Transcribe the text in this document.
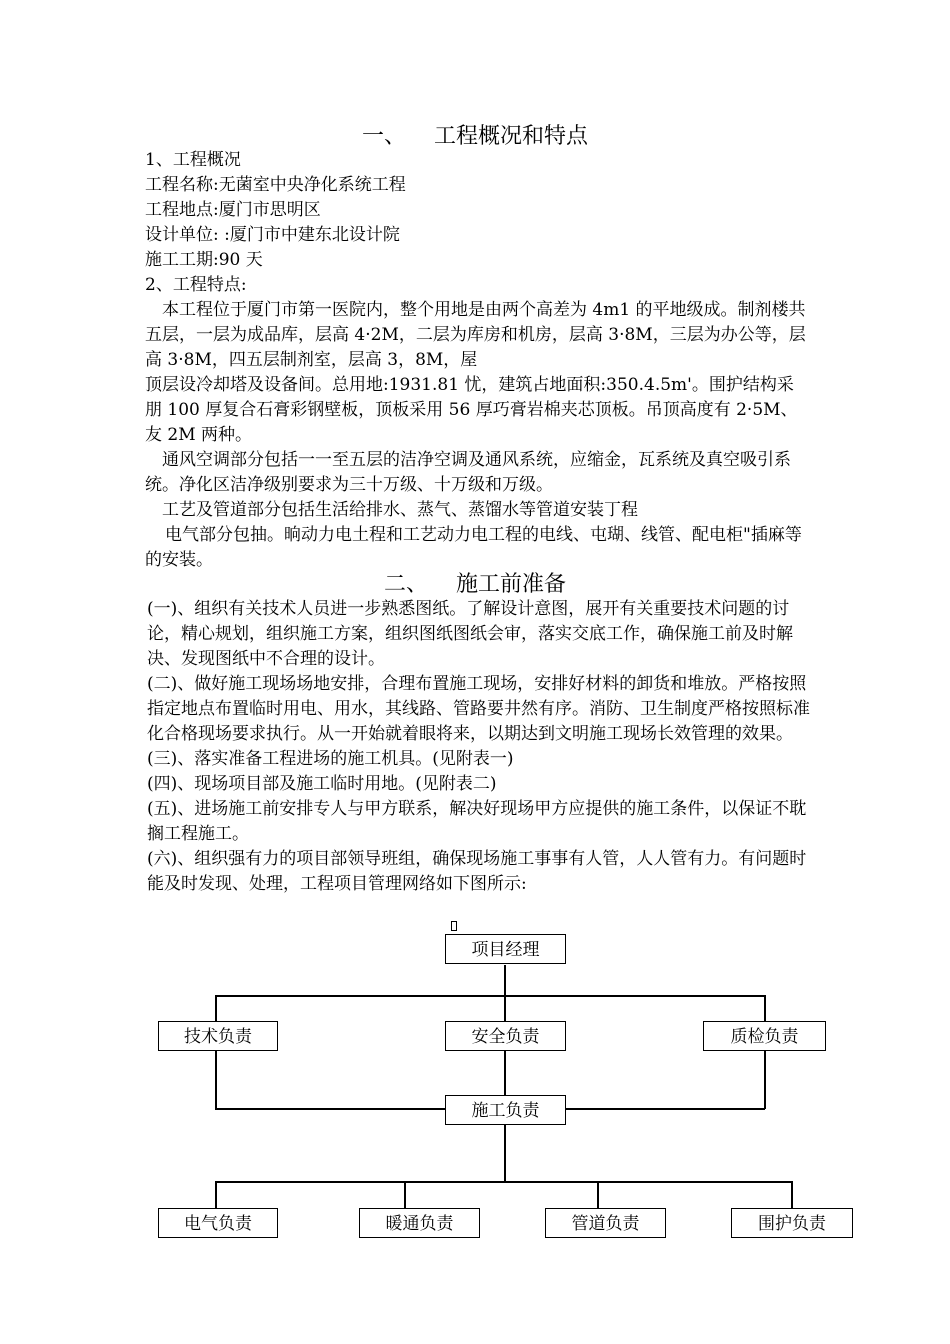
一、 工程概况和特点

1、工程概况

工程名称:无菌室中央净化系统工程

工程地点:厦门市思明区

设计单位: :厦门市中建东北设计院

施工工期:90 天

2、工程特点:

本工程位于厦门市第一医院内，整个用地是由两个高差为 4m1 的平地级成。制剂楼共五层，一层为成品库，层高 4·2M，二层为库房和机房，层高 3·8M，三层为办公等，层高 3·8M，四五层制剂室，层高 3，8M，屋

顶层设冷却塔及设备间。总用地:1931.81 忧，建筑占地面积:350.4.5m'。围护结构采朋 100 厚复合石膏彩钢壁板，顶板采用 56 厚巧膏岩棉夹芯顶板。吊顶高度有 2·5M、友 2M 两种。

通风空调部分包括一一至五层的洁净空调及通风系统，应缩金，瓦系统及真空吸引系统。净化区洁净级别要求为三十万级、十万级和万级。

工艺及管道部分包括生活给排水、蒸气、蒸馏水等管道安装丁程

电气部分包抽。晌动力电土程和工艺动力电工程的电线、屯瑚、线管、配电柜"插麻等的安装。

二、 施工前准备

(一)、组织有关技术人员进一步熟悉图纸。了解设计意图，展开有关重要技术问题的讨论，精心规划，组织施工方案，组织图纸图纸会审，落实交底工作，确保施工前及时解决、发现图纸中不合理的设计。

(二)、做好施工现场场地安排，合理布置施工现场，安排好材料的卸货和堆放。严格按照指定地点布置临时用电、用水，其线路、管路要井然有序。消防、卫生制度严格按照标准化合格现场要求执行。从一开始就着眼将来，以期达到文明施工现场长效管理的效果。

(三)、落实准备工程进场的施工机具。(见附表一)

(四)、现场项目部及施工临时用地。(见附表二)

(五)、进场施工前安排专人与甲方联系，解决好现场甲方应提供的施工条件，以保证不耽搁工程施工。

(六)、组织强有力的项目部领导班组，确保现场施工事事有人管，人人管有力。有问题时能及时发现、处理，工程项目管理网络如下图所示:

项目经理
技术负责	安全负责	质检负责
施工负责
电气负责	暖通负责	管道负责	围护负责
